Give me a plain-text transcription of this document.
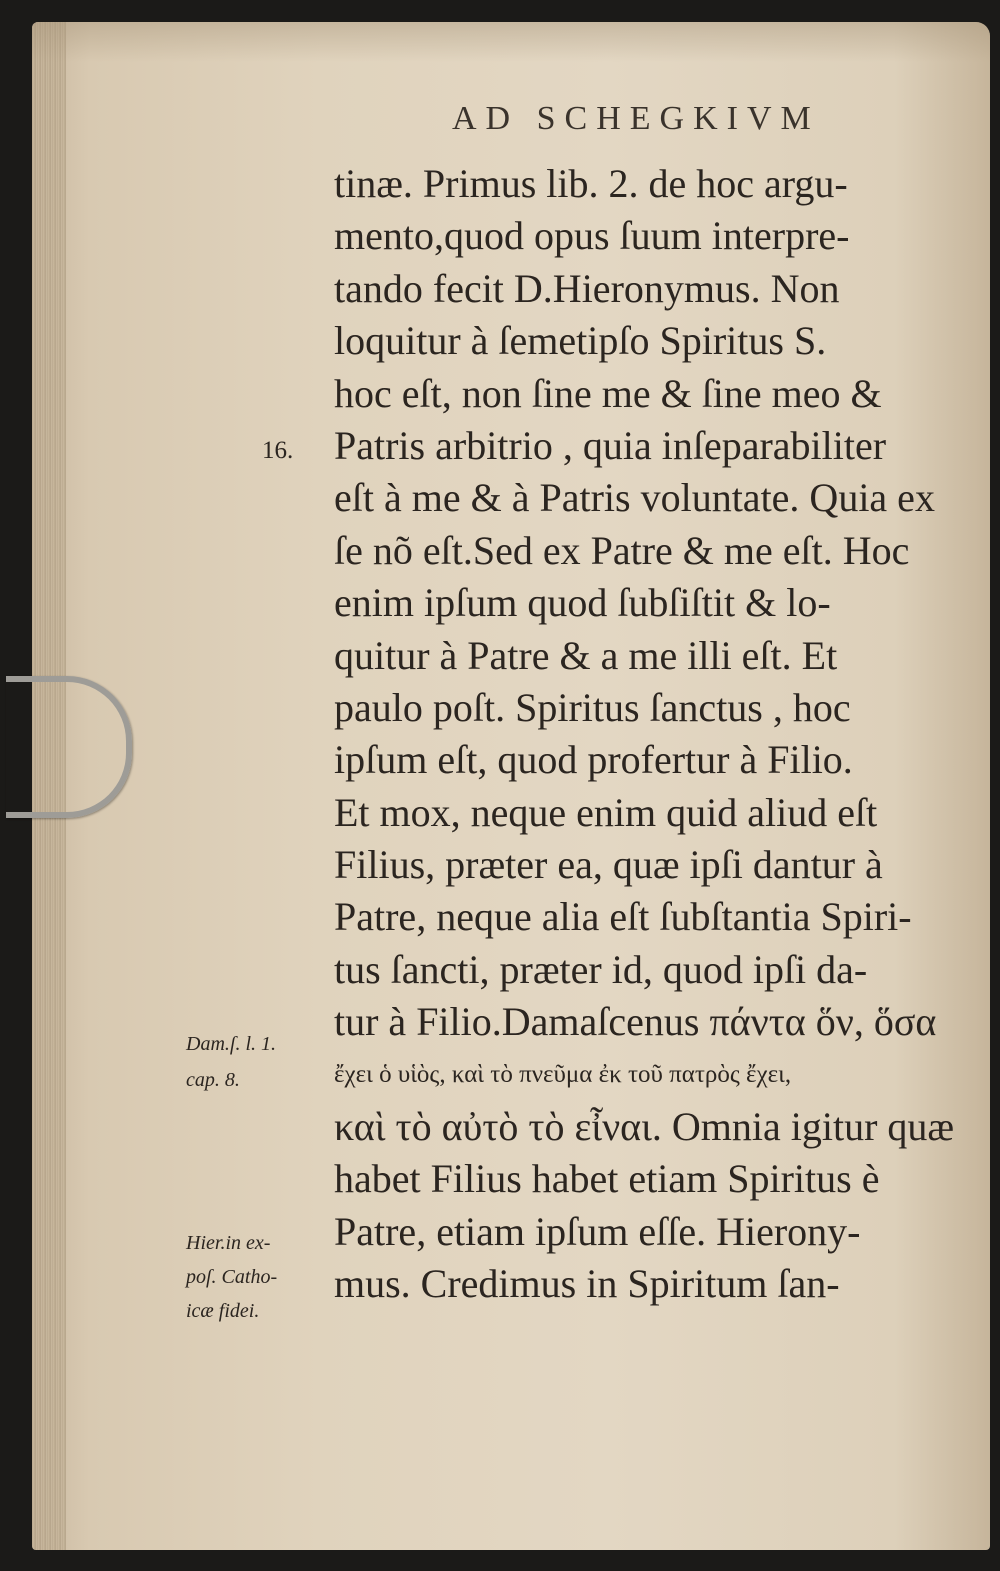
AD SCHEGKIVM
16.
Dam.ſ. l. 1.
cap. 8.
Hier.in ex-
poſ. Catho-
icæ fidei.
tinæ. Primus lib. 2. de hoc argu-
mento,quod opus ſuum interpre-
tando fecit D.Hieronymus. Non
loquitur à ſemetipſo Spiritus S.
hoc eſt, non ſine me & ſine meo &
Patris arbitrio , quia inſeparabiliter
eſt à me & à Patris voluntate. Quia ex
ſe nõ eſt.Sed ex Patre & me eſt. Hoc
enim ipſum quod ſubſiſtit & lo-
quitur à Patre & a me illi eſt. Et
paulo poſt. Spiritus ſanctus , hoc
ipſum eſt, quod profertur à Filio.
Et mox, neque enim quid aliud eſt
Filius, præter ea, quæ ipſi dantur à
Patre, neque alia eſt ſubſtantia Spiri-
tus ſancti, præter id, quod ipſi da-
tur à Filio.Damaſcenus πάντα ὅν, ὅσα
ἔχει ὁ υἱὸς, καὶ τὸ πνεῦμα ἐκ τοῦ πατρὸς ἔχει,
καὶ τὸ αὐτὸ τὸ εἶναι. Omnia igitur quæ
habet Filius habet etiam Spiritus è
Patre, etiam ipſum eſſe. Hierony-
mus. Credimus in Spiritum ſan-
